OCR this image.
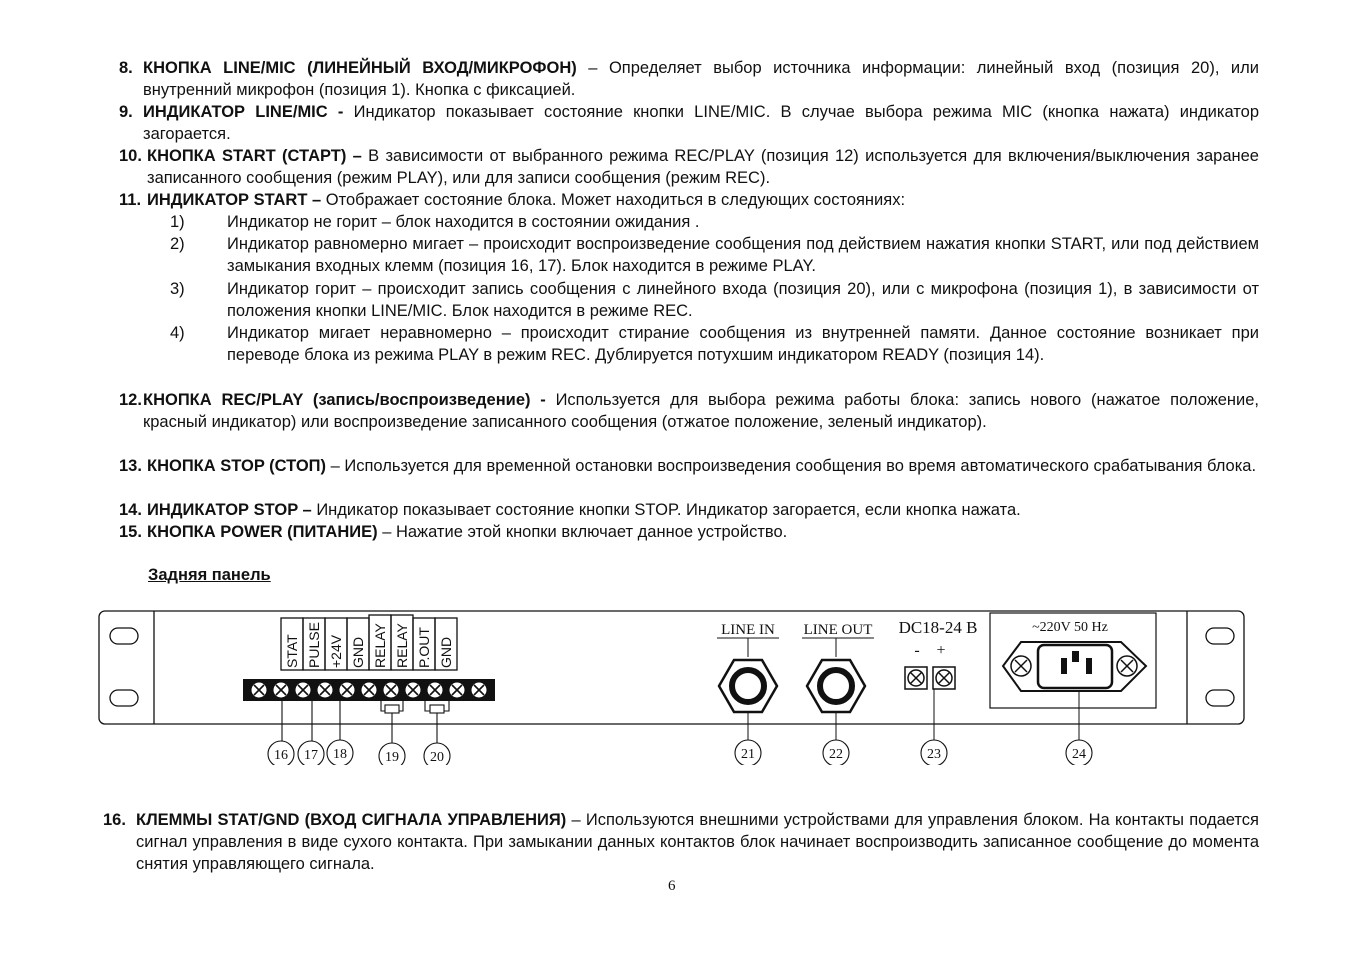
8. КНОПКА LINE/MIC (ЛИНЕЙНЫЙ ВХОД/МИКРОФОН) – Определяет выбор источника информации: линейный вход (позиция 20), или внутренний микрофон (позиция 1). Кнопка с фиксацией.
9. ИНДИКАТОР LINE/MIC - Индикатор показывает состояние кнопки LINE/MIC. В случае выбора режима MIC (кнопка нажата) индикатор загорается.
10. КНОПКА START (СТАРТ) – В зависимости от выбранного режима REC/PLAY (позиция 12) используется для включения/выключения заранее записанного сообщения (режим PLAY), или для записи сообщения (режим REC).
11. ИНДИКАТОР START – Отображает состояние блока. Может находиться в следующих состояниях:
1)	Индикатор не горит – блок находится в состоянии ожидания .
2)	Индикатор равномерно мигает – происходит воспроизведение сообщения под действием нажатия кнопки START, или под действием замыкания входных клемм (позиция 16, 17). Блок находится в режиме PLAY.
3)	Индикатор горит – происходит запись сообщения с линейного входа (позиция 20), или с микрофона (позиция 1), в зависимости от положения кнопки LINE/MIC. Блок находится в режиме REC.
4)	Индикатор мигает неравномерно – происходит стирание сообщения из внутренней памяти. Данное состояние возникает при переводе блока из режима PLAY в режим REC. Дублируется потухшим индикатором READY (позиция 14).
12. КНОПКА REC/PLAY (запись/воспроизведение) - Используется для выбора режима работы блока: запись нового (нажатое положение, красный индикатор) или воспроизведение записанного сообщения (отжатое положение, зеленый индикатор).
13. КНОПКА STOP (СТОП) – Используется для временной остановки воспроизведения сообщения во время автоматического срабатывания блока.
14. ИНДИКАТОР STOP – Индикатор показывает состояние кнопки STOP. Индикатор загорается, если кнопка нажата.
15. КНОПКА POWER (ПИТАНИЕ) – Нажатие этой кнопки включает данное устройство.
Задняя панель
STAT PULSE +24V GND RELAY RELAY P.OUT GND
LINE IN LINE OUT DC18-24 B
- +
~220V 50 Hz
16 17 18	19 20	21	22	23	24
16. КЛЕММЫ STAT/GND (ВХОД СИГНАЛА УПРАВЛЕНИЯ) – Используются внешними устройствами для управления блоком. На контакты подается сигнал управления в виде сухого контакта. При замыкании данных контактов блок начинает воспроизводить записанное сообщение до момента снятия управляющего сигнала.
6
